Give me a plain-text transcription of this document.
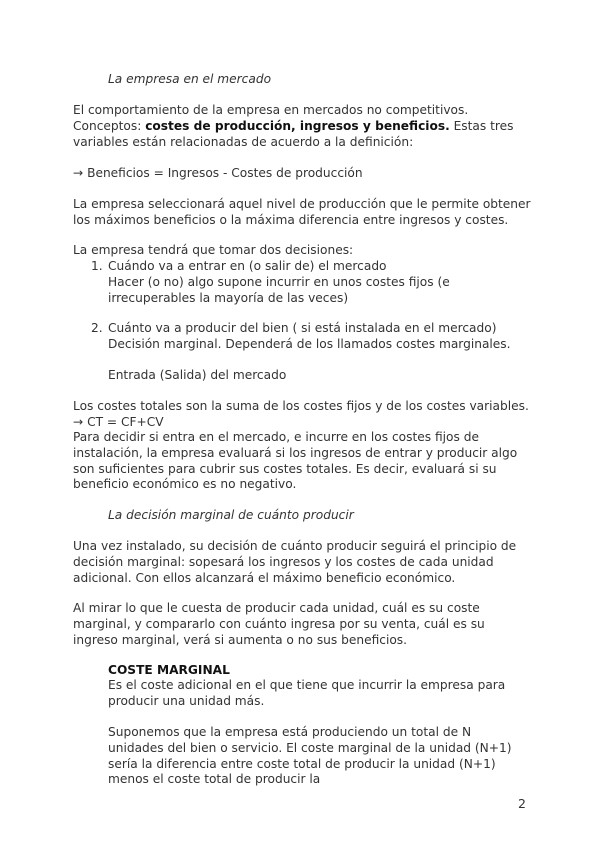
La empresa en el mercado

El comportamiento de la empresa en mercados no competitivos.
Conceptos: costes de producción, ingresos y beneficios. Estas tres variables están relacionadas de acuerdo a la definición:

→ Beneficios = Ingresos - Costes de producción

La empresa seleccionará aquel nivel de producción que le permite obtener los máximos beneficios o la máxima diferencia entre ingresos y costes.

La empresa tendrá que tomar dos decisiones:

1. Cuándo va a entrar en (o salir de) el mercado
Hacer (o no) algo supone incurrir en unos costes fijos (e irrecuperables la mayoría de las veces)
2. Cuánto va a producir del bien ( si está instalada en el mercado)
Decisión marginal. Dependerá de los llamados costes marginales.

Entrada (Salida) del mercado

Los costes totales son la suma de los costes fijos y de los costes variables.

→ CT = CF+CV

Para decidir si entra en el mercado, e incurre en los costes fijos de instalación, la empresa evaluará si los ingresos de entrar y producir algo son suficientes para cubrir sus costes totales. Es decir, evaluará si su beneficio económico es no negativo.

La decisión marginal de cuánto producir

Una vez instalado, su decisión de cuánto producir seguirá el principio de decisión marginal: sopesará los ingresos y los costes de cada unidad adicional. Con ellos alcanzará el máximo beneficio económico.

Al mirar lo que le cuesta de producir cada unidad, cuál es su coste marginal, y compararlo con cuánto ingresa por su venta, cuál es su ingreso marginal, verá si aumenta o no sus beneficios.

COSTE MARGINAL

Es el coste adicional en el que tiene que incurrir la empresa para producir una unidad más.

Suponemos que la empresa está produciendo un total de N unidades del bien o servicio. El coste marginal de la unidad (N+1) sería la diferencia entre coste total de producir la unidad (N+1) menos el coste total de producir la

2
